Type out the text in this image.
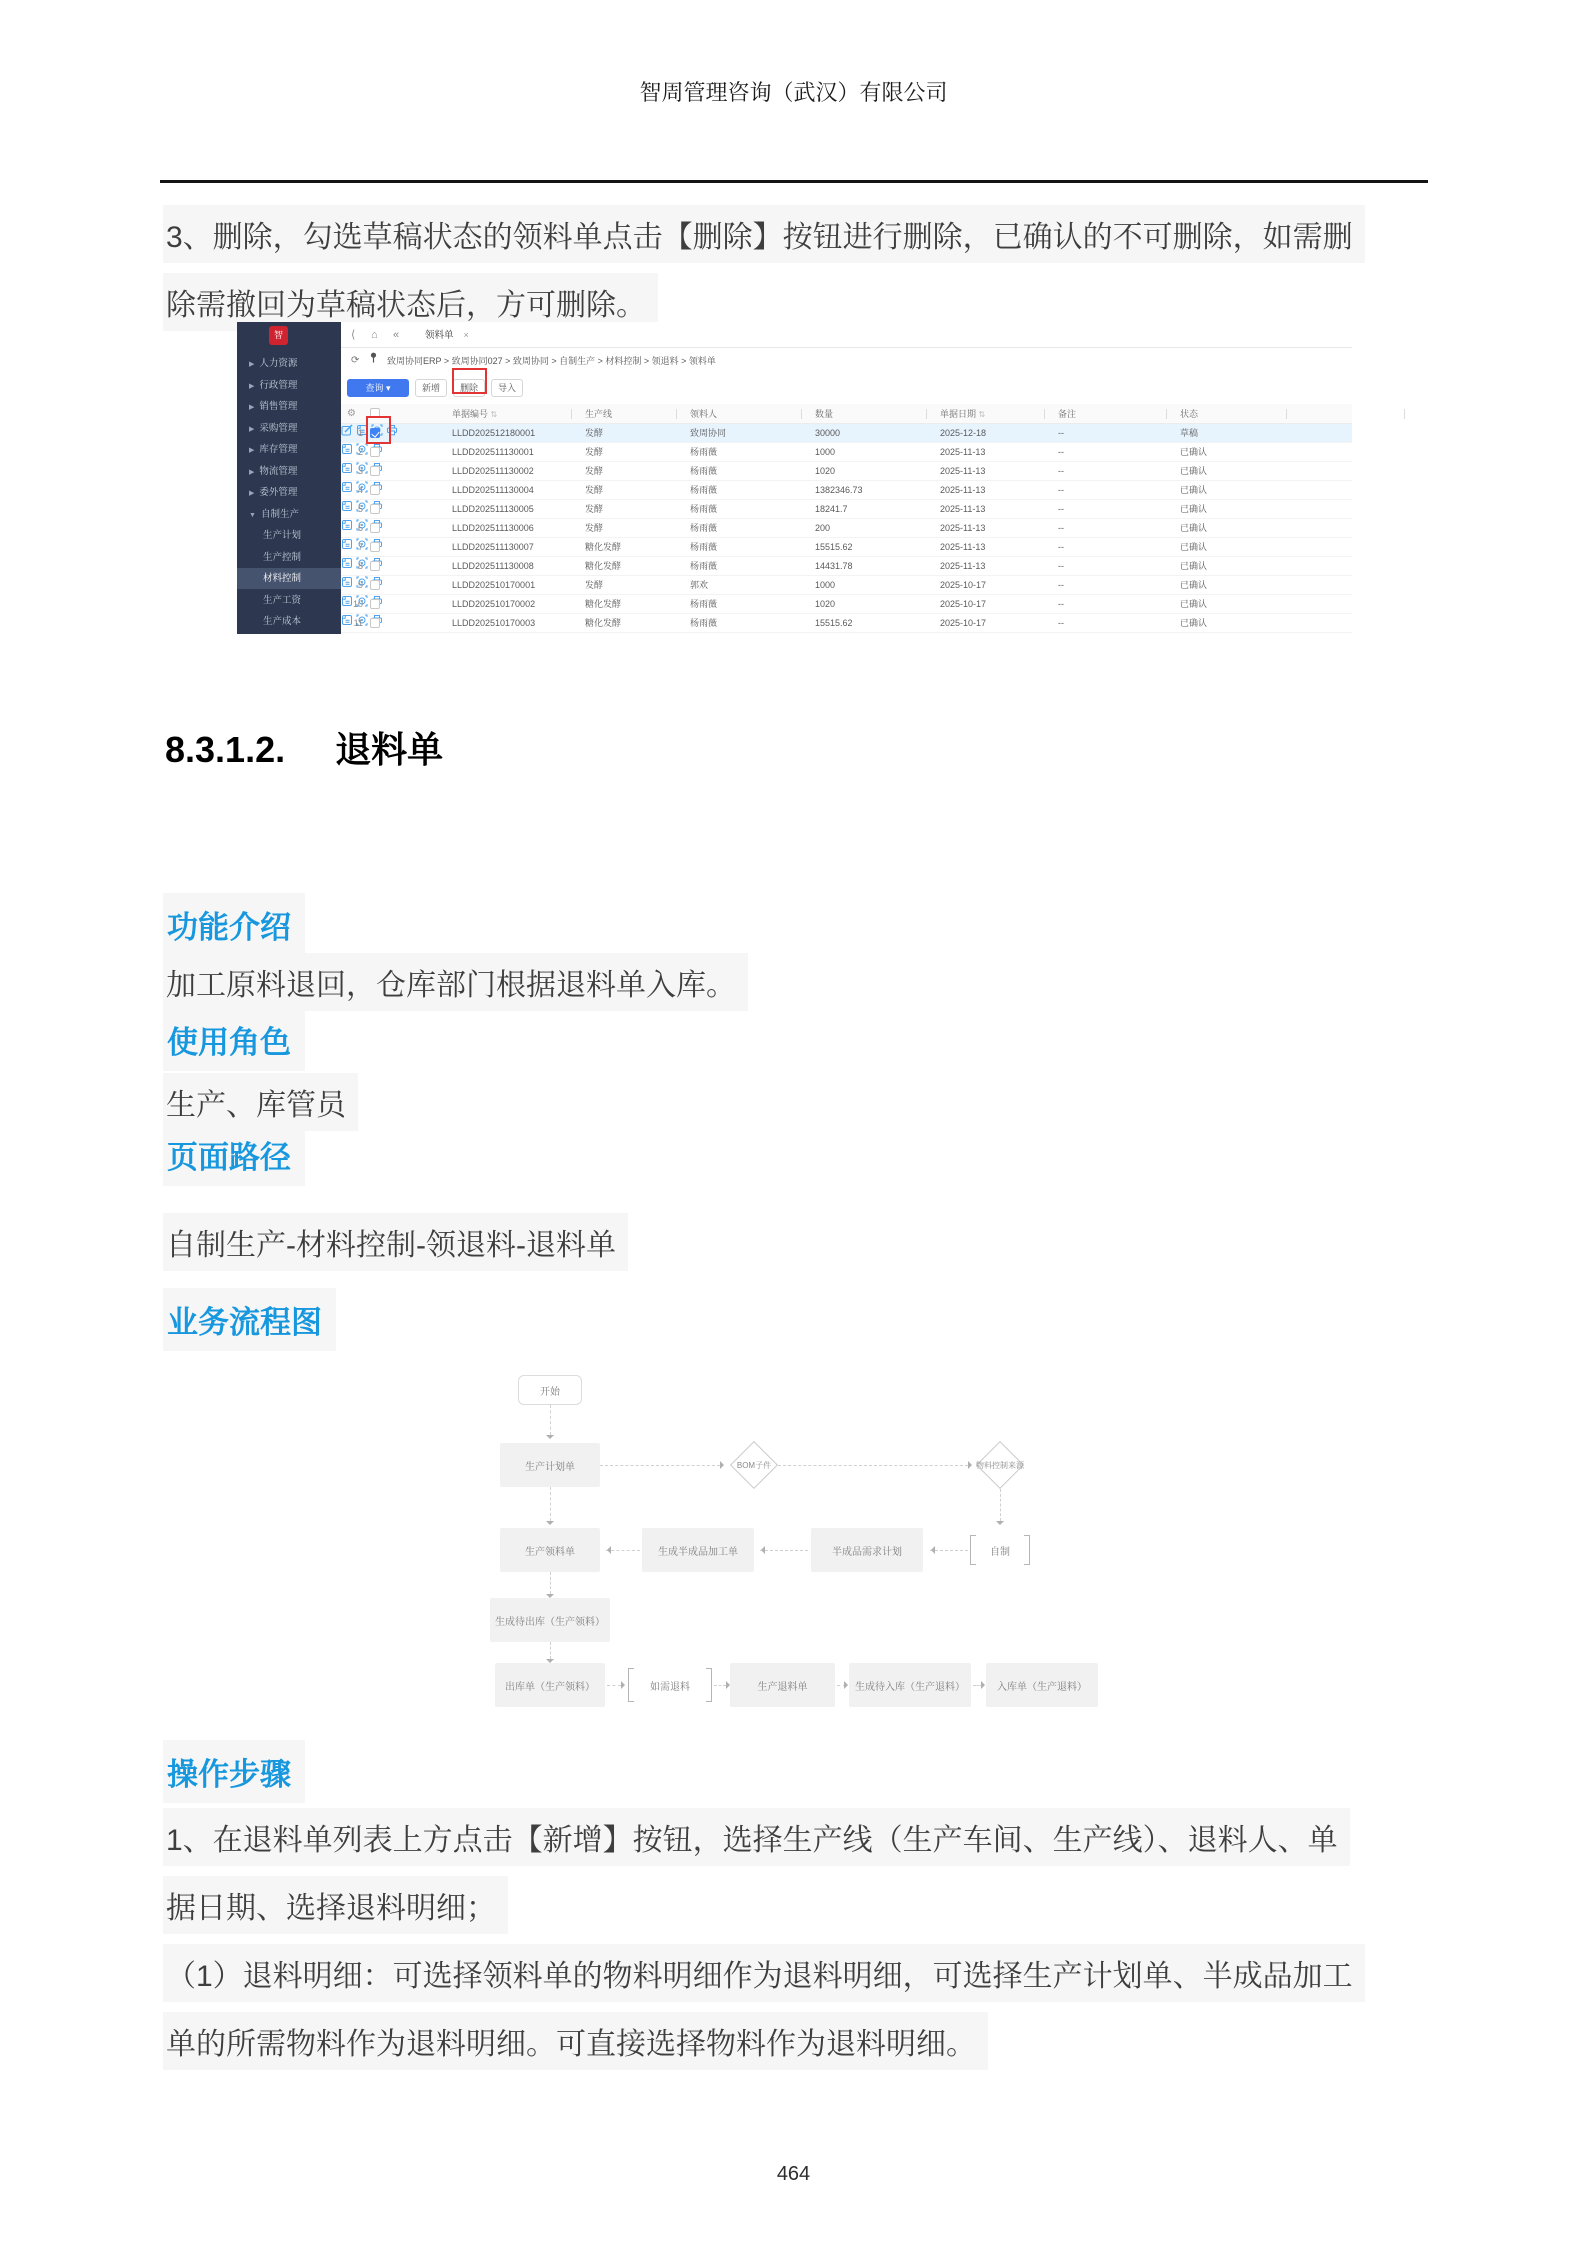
智周管理咨询（武汉）有限公司
3、删除，勾选草稿状态的领料单点击【删除】按钮进行删除，已确认的不可删除，如需删
除需撤回为草稿状态后，方可删除。
智
▶ 人力资源
▶ 行政管理
▶ 销售管理
▶ 采购管理
▶ 库存管理
▶ 物流管理
▶ 委外管理
▼ 自制生产
生产计划
生产控制
材料控制
生产工资
生产成本
⟨ ⌂ «	领料单 ×
⟳	致周协同ERP > 致周协同027 > 致周协同 > 自制生产 > 材料控制 > 领退料 > 领料单
查询 ▾	新增	删除	导入
⚙	单据编号 ⇅	生产线	领料人	数量	单据日期 ⇅	备注	状态
1	LLDD202512180001	发酵	致周协同	30000	2025-12-18	--	草稿
2	LLDD202511130001	发酵	杨雨薇	1000	2025-11-13	--	已确认
3	LLDD202511130002	发酵	杨雨薇	1020	2025-11-13	--	已确认
4	LLDD202511130004	发酵	杨雨薇	1382346.73	2025-11-13	--	已确认
5	LLDD202511130005	发酵	杨雨薇	18241.7	2025-11-13	--	已确认
6	LLDD202511130006	发酵	杨雨薇	200	2025-11-13	--	已确认
7	LLDD202511130007	糖化发酵	杨雨薇	15515.62	2025-11-13	--	已确认
8	LLDD202511130008	糖化发酵	杨雨薇	14431.78	2025-11-13	--	已确认
9	LLDD202510170001	发酵	郭欢	1000	2025-10-17	--	已确认
10	LLDD202510170002	糖化发酵	杨雨薇	1020	2025-10-17	--	已确认
11	LLDD202510170003	糖化发酵	杨雨薇	15515.62	2025-10-17	--	已确认
8.3.1.2. 退料单
功能介绍
加工原料退回，仓库部门根据退料单入库。
使用角色
生产、库管员
页面路径
自制生产-材料控制-领退料-退料单
业务流程图
开始
生产计划单	BOM子件	物料控制来源
自制
生产领料单	生成半成品加工单	半成品需求计划
生成待出库（生产领料）
出库单（生产领料）	如需退料	生产退料单	生成待入库（生产退料）	入库单（生产退料）
操作步骤
1、在退料单列表上方点击【新增】按钮，选择生产线（生产车间、生产线）、退料人、单
据日期、选择退料明细；
（1）退料明细：可选择领料单的物料明细作为退料明细，可选择生产计划单、半成品加工
单的所需物料作为退料明细。可直接选择物料作为退料明细。
464
